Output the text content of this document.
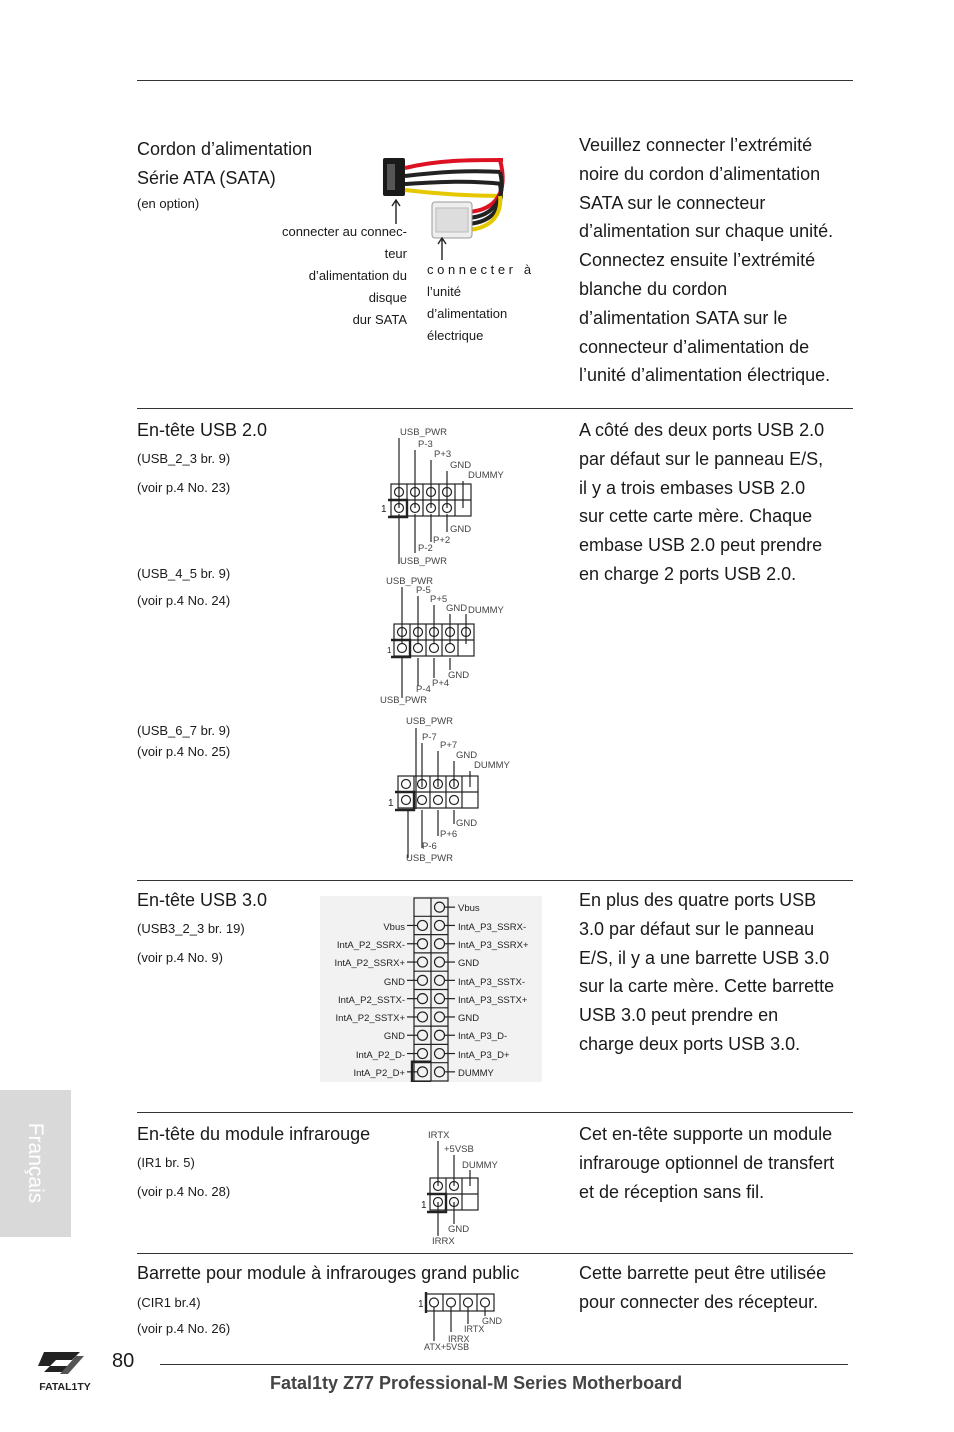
Cordon d’alimentation
Série ATA (SATA)
(en option)
connecter au connec-
teur
d’alimentation du
disque
dur SATA
c o n n e c t e r   à
l’unité
d’alimentation
électrique
Veuillez connecter l’extrémité
noire du cordon d’alimentation
SATA sur le connecteur
d’alimentation sur chaque unité.
Connectez ensuite l’extrémité
blanche du cordon
d’alimentation SATA sur le
connecteur d’alimentation de
l’unité d’alimentation électrique.
En-tête USB 2.0
(USB_2_3 br. 9)
(voir p.4 No. 23)
(USB_4_5 br. 9)
(voir p.4 No. 24)
(USB_6_7 br. 9)
(voir p.4 No. 25)
USB_PWR
P-3
P+3
GND
DUMMY
1
GND
P+2
P-2
USB_PWR
USB_PWR
P-5
P+5
GND DUMMY
1
GND
P+4
P-4
USB_PWR
USB_PWR
P-7
P+7
GND
DUMMY
1
GND
P+6
P-6
USB_PWR
A côté des deux ports USB 2.0
par défaut sur le panneau E/S,
il y a trois embases USB 2.0
sur cette carte mère. Chaque
embase USB 2.0 peut prendre
en charge 2 ports USB 2.0.
En-tête USB 3.0
(USB3_2_3 br. 19)
(voir p.4 No. 9)
Vbus
IntA_P2_SSRX-
IntA_P2_SSRX+
GND
IntA_P2_SSTX-
IntA_P2_SSTX+
GND
IntA_P2_D-
IntA_P2_D+
Vbus
IntA_P3_SSRX-
IntA_P3_SSRX+
GND
IntA_P3_SSTX-
IntA_P3_SSTX+
GND
IntA_P3_D-
IntA_P3_D+
DUMMY
En plus des quatre ports USB
3.0 par défaut sur le panneau
E/S, il y a une barrette USB 3.0
sur la carte mère. Cette barrette
USB 3.0 peut prendre en
charge deux ports USB 3.0.
Français	En-tête du module infrarouge
(IR1 br. 5)
(voir p.4 No. 28)
IRTX
+5VSB
DUMMY
GND
IRRX
1
Cet en-tête supporte un module
infrarouge optionnel de transfert
et de réception sans fil.
Barrette pour module à infrarouges grand public
(CIR1 br.4)
(voir p.4 No. 26)
1
GND
IRTX
IRRX
ATX+5VSB
Cette barrette peut être utilisée
pour connecter des récepteur.
FATAL1TY
80
Fatal1ty Z77 Professional-M Series Motherboard
